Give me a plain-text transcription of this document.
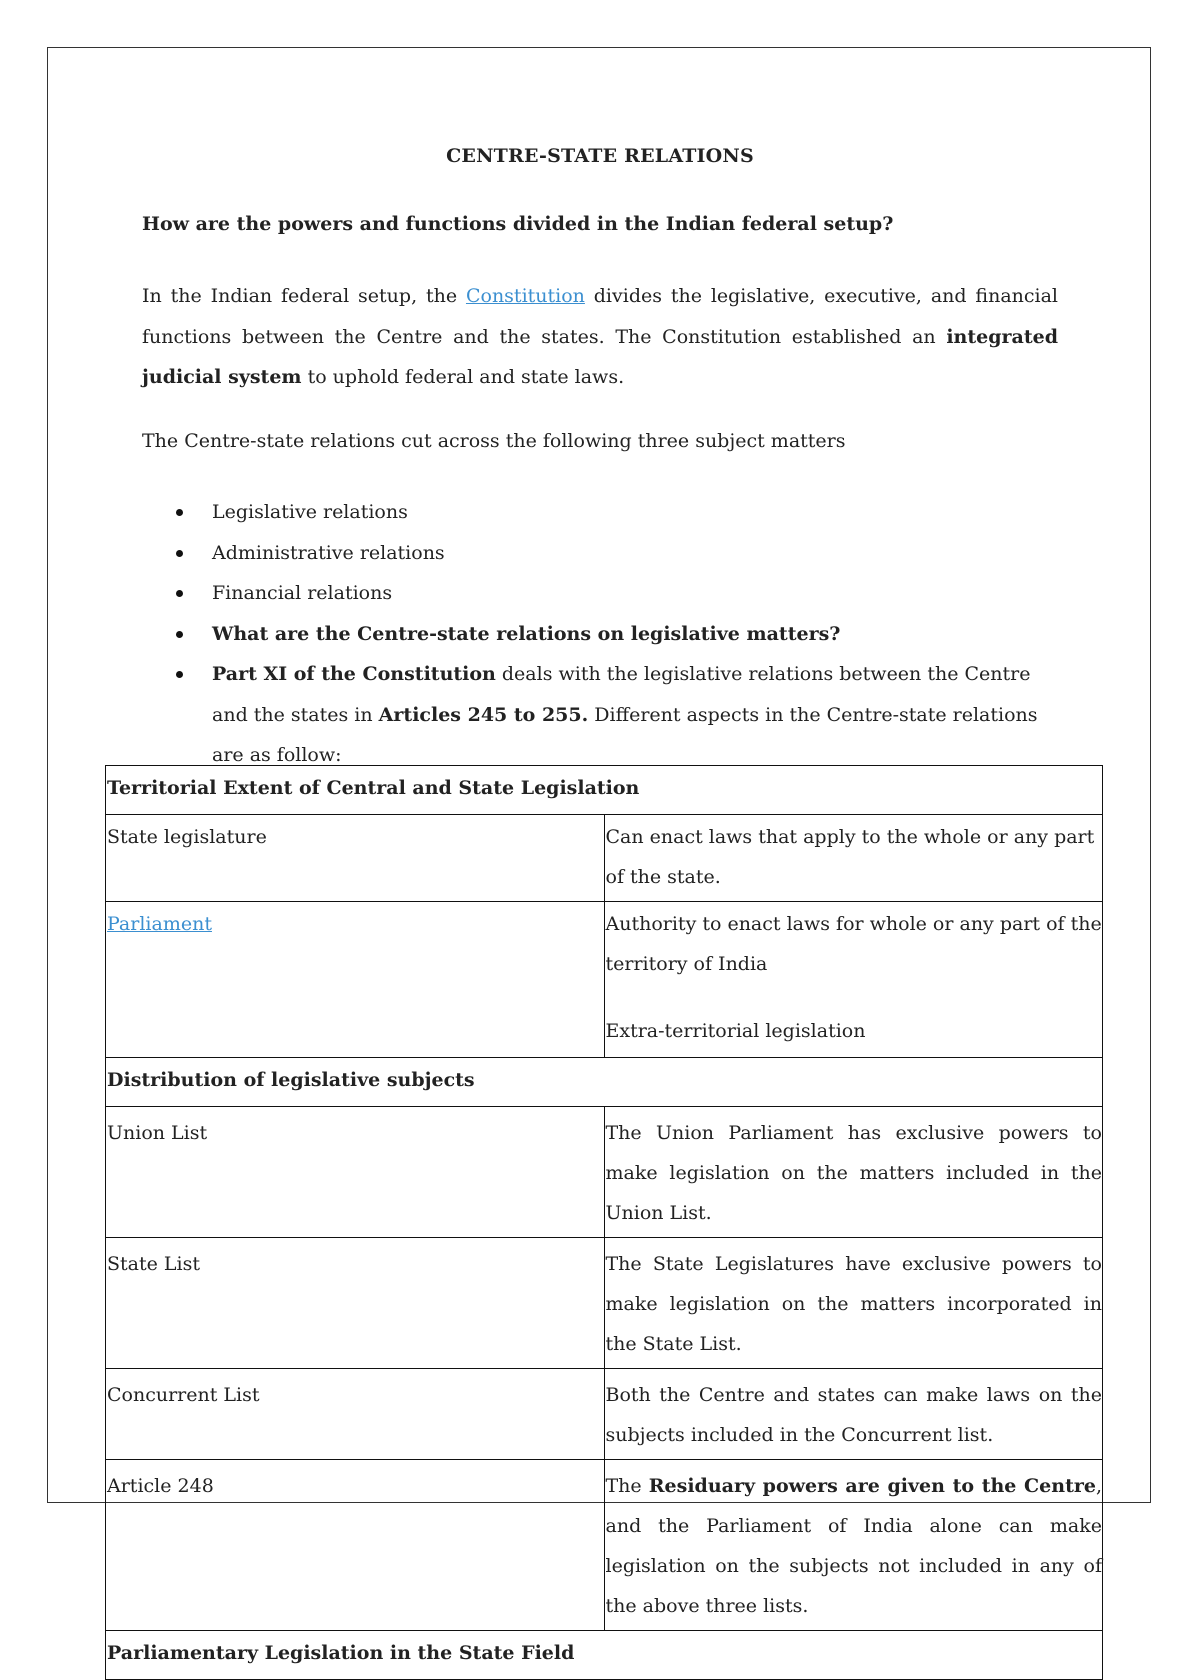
CENTRE-STATE RELATIONS
How are the powers and functions divided in the Indian federal setup?
In the Indian federal setup, the Constitution divides the legislative, executive, and financial functions between the Centre and the states. The Constitution established an integrated judicial system to uphold federal and state laws.
The Centre-state relations cut across the following three subject matters
Legislative relations
Administrative relations
Financial relations
What are the Centre-state relations on legislative matters?
Part XI of the Constitution deals with the legislative relations between the Centre and the states in Articles 245 to 255. Different aspects in the Centre-state relations are as follow:
Territorial Extent of Central and State Legislation	
State legislature	Can enact laws that apply to the whole or any part of the state.
Parliament	Authority to enact laws for whole or any part of the territory of India
Extra-territorial legislation

Distribution of legislative subjects	
Union List	The Union Parliament has exclusive powers to make legislation on the matters included in the Union List.
State List	The State Legislatures have exclusive powers to make legislation on the matters incorporated in the State List.
Concurrent List	Both the Centre and states can make laws on the subjects included in the Concurrent list.
Article 248	The Residuary powers are given to the Centre, and the Parliament of India alone can make legislation on the subjects not included in any of the above three lists.
Parliamentary Legislation in the State Field	
